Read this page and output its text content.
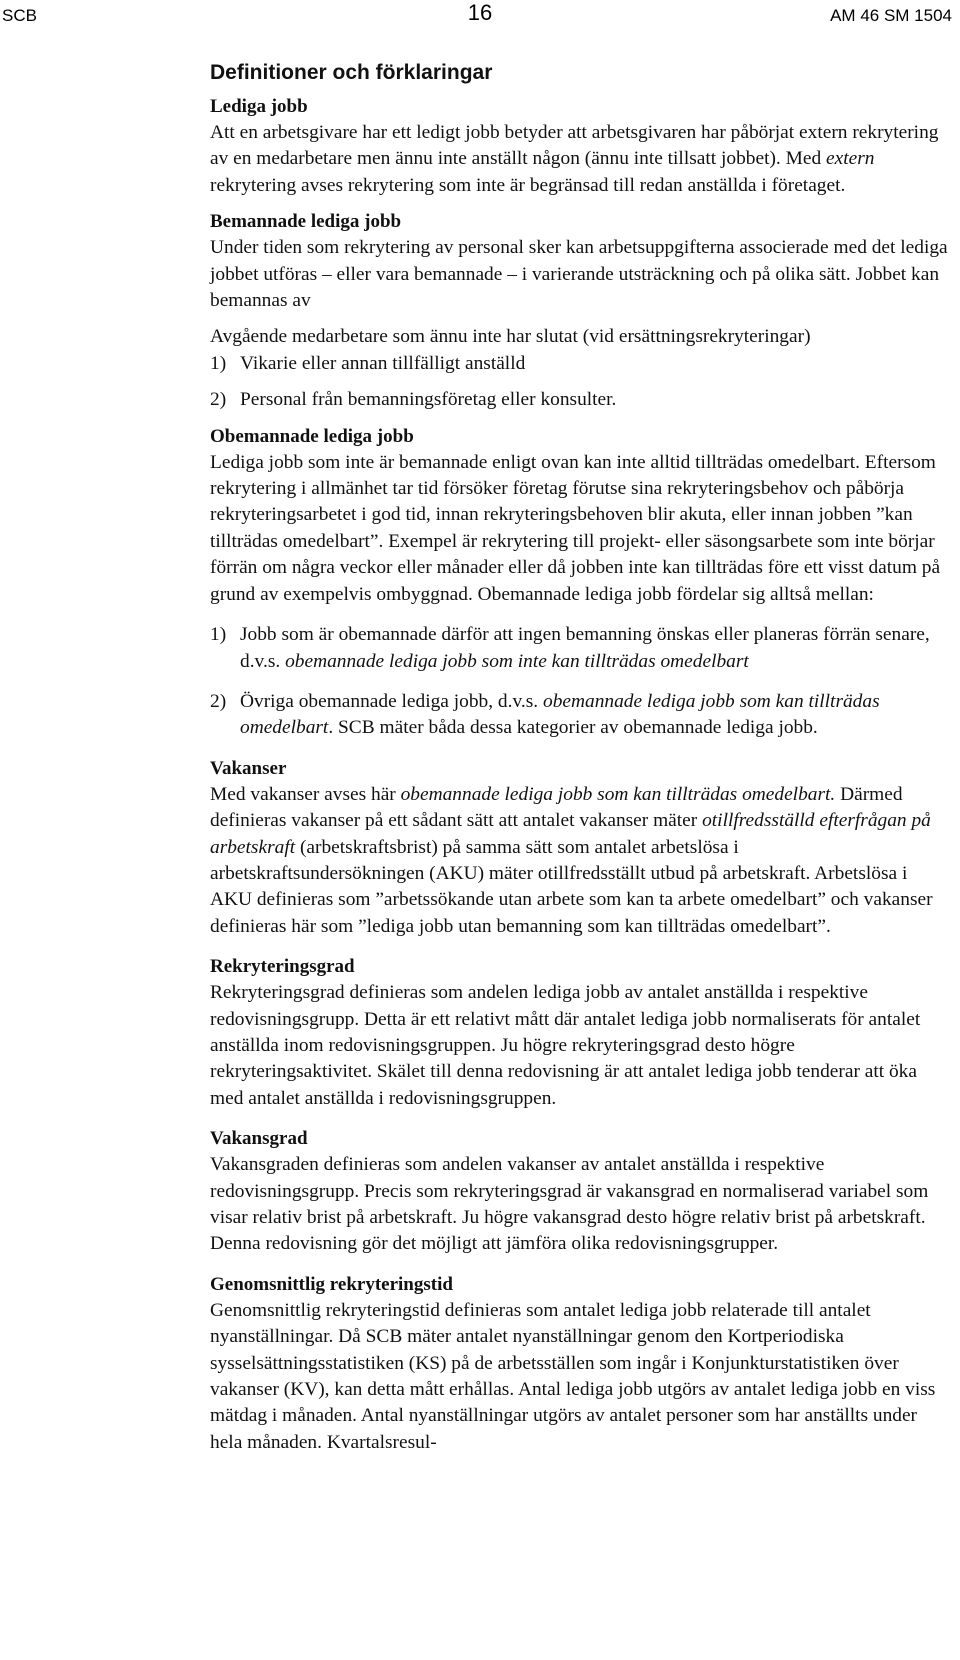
SCB	16	AM 46 SM 1504
Definitioner och förklaringar
Lediga jobb

Att en arbetsgivare har ett ledigt jobb betyder att arbetsgivaren har påbörjat extern rekrytering av en medarbetare men ännu inte anställt någon (ännu inte tillsatt jobbet). Med extern rekrytering avses rekrytering som inte är begränsad till redan anställda i företaget.

Bemannade lediga jobb

Under tiden som rekrytering av personal sker kan arbetsuppgifterna associerade med det lediga jobbet utföras – eller vara bemannade – i varierande utsträckning och på olika sätt. Jobbet kan bemannas av

Avgående medarbetare som ännu inte har slutat (vid ersättningsrekryteringar)

1) Vikarie eller annan tillfälligt anställd
2) Personal från bemanningsföretag eller konsulter.
Obemannade lediga jobb

Lediga jobb som inte är bemannade enligt ovan kan inte alltid tillträdas omedelbart. Eftersom rekrytering i allmänhet tar tid försöker företag förutse sina rekryteringsbehov och påbörja rekryteringsarbetet i god tid, innan rekryteringsbehoven blir akuta, eller innan jobben ”kan tillträdas omedelbart”. Exempel är rekrytering till projekt- eller säsongsarbete som inte börjar förrän om några veckor eller månader eller då jobben inte kan tillträdas före ett visst datum på grund av exempelvis ombyggnad. Obemannade lediga jobb fördelar sig alltså mellan:

1) Jobb som är obemannade därför att ingen bemanning önskas eller planeras förrän senare, d.v.s. obemannade lediga jobb som inte kan tillträdas omedelbart
2) Övriga obemannade lediga jobb, d.v.s. obemannade lediga jobb som kan tillträdas omedelbart. SCB mäter båda dessa kategorier av obemannade lediga jobb.
Vakanser

Med vakanser avses här obemannade lediga jobb som kan tillträdas omedelbart. Därmed definieras vakanser på ett sådant sätt att antalet vakanser mäter otillfredsställd efterfrågan på arbetskraft (arbetskraftsbrist) på samma sätt som antalet arbetslösa i arbetskraftsundersökningen (AKU) mäter otillfredsställt utbud på arbetskraft. Arbetslösa i AKU definieras som ”arbetssökande utan arbete som kan ta arbete omedelbart” och vakanser definieras här som ”lediga jobb utan bemanning som kan tillträdas omedelbart”.

Rekryteringsgrad

Rekryteringsgrad definieras som andelen lediga jobb av antalet anställda i respektive redovisningsgrupp. Detta är ett relativt mått där antalet lediga jobb normaliserats för antalet anställda inom redovisningsgruppen. Ju högre rekryteringsgrad desto högre rekryteringsaktivitet. Skälet till denna redovisning är att antalet lediga jobb tenderar att öka med antalet anställda i redovisningsgruppen.

Vakansgrad

Vakansgraden definieras som andelen vakanser av antalet anställda i respektive redovisningsgrupp. Precis som rekryteringsgrad är vakansgrad en normaliserad variabel som visar relativ brist på arbetskraft. Ju högre vakansgrad desto högre relativ brist på arbetskraft. Denna redovisning gör det möjligt att jämföra olika redovisningsgrupper.

Genomsnittlig rekryteringstid

Genomsnittlig rekryteringstid definieras som antalet lediga jobb relaterade till antalet nyanställningar. Då SCB mäter antalet nyanställningar genom den Kortperiodiska sysselsättningsstatistiken (KS) på de arbetsställen som ingår i Konjunkturstatistiken över vakanser (KV), kan detta mått erhållas. Antal lediga jobb utgörs av antalet lediga jobb en viss mätdag i månaden. Antal nyanställningar utgörs av antalet personer som har anställts under hela månaden. Kvartalsresul-
